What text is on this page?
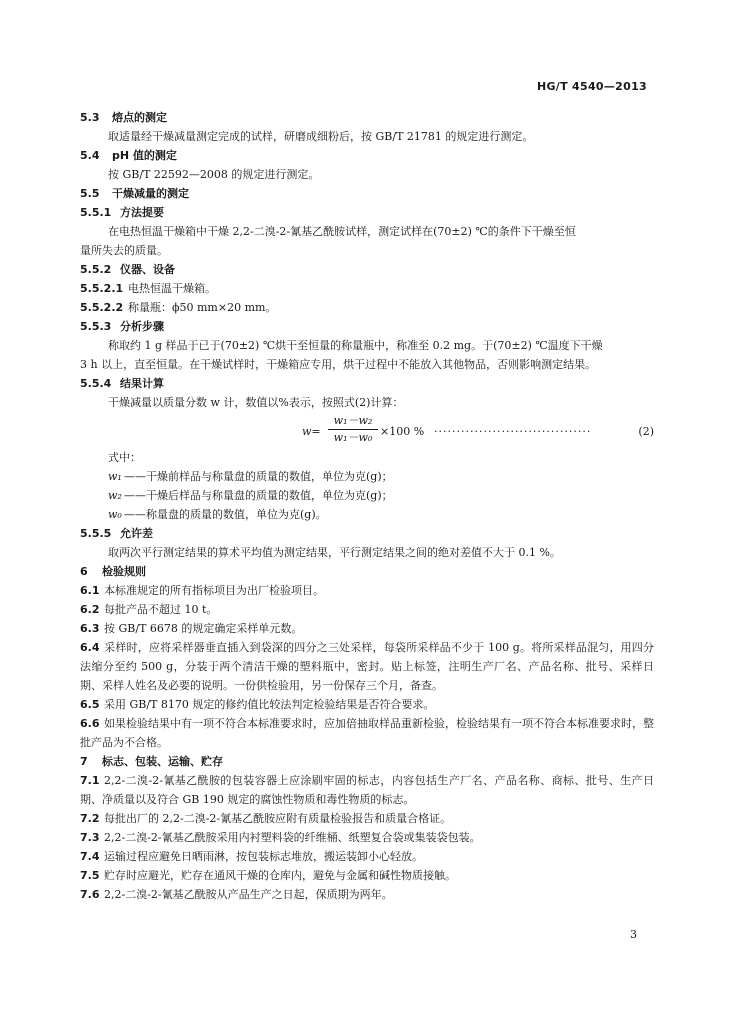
HG/T 4540—2013

5.3 熔点的测定

取适量经干燥减量测定完成的试样，研磨成细粉后，按 GB/T 21781 的规定进行测定。

5.4 pH 值的测定

按 GB/T 22592—2008 的规定进行测定。

5.5 干燥减量的测定

5.5.1 方法提要

在电热恒温干燥箱中干燥 2,2-二溴-2-氰基乙酰胺试样，测定试样在(70±2) ℃的条件下干燥至恒

量所失去的质量。

5.5.2 仪器、设备

5.5.2.1 电热恒温干燥箱。

5.5.2.2 称量瓶：ϕ50 mm×20 mm。

5.5.3 分析步骤

称取约 1 g 样品于已于(70±2) ℃烘干至恒量的称量瓶中，称准至 0.2 mg。于(70±2) ℃温度下干燥

3 h 以上，直至恒量。在干燥试样时，干燥箱应专用，烘干过程中不能放入其他物品，否则影响测定结果。

5.5.4 结果计算

干燥减量以质量分数 w 计，数值以%表示，按照式(2)计算：

w=
w₁－w₂
w₁－w₀ ×100 % ···································	(2)

式中：

w₁ ——干燥前样品与称量盘的质量的数值，单位为克(g)；

w₂ ——干燥后样品与称量盘的质量的数值，单位为克(g)；

w₀ ——称量盘的质量的数值，单位为克(g)。

5.5.5 允许差

取两次平行测定结果的算术平均值为测定结果，平行测定结果之间的绝对差值不大于 0.1 %。

6 检验规则

6.1 本标准规定的所有指标项目为出厂检验项目。

6.2 每批产品不超过 10 t。

6.3 按 GB/T 6678 的规定确定采样单元数。

6.4 采样时，应将采样器垂直插入到袋深的四分之三处采样，每袋所采样品不少于 100 g。将所采样品混匀，用四分法缩分至约 500 g，分装于两个清洁干燥的塑料瓶中，密封。贴上标签，注明生产厂名、产品名称、批号、采样日期、采样人姓名及必要的说明。一份供检验用，另一份保存三个月，备查。

6.5 采用 GB/T 8170 规定的修约值比较法判定检验结果是否符合要求。

6.6 如果检验结果中有一项不符合本标准要求时，应加倍抽取样品重新检验，检验结果有一项不符合本标准要求时，整批产品为不合格。

7 标志、包装、运输、贮存

7.1 2,2-二溴-2-氰基乙酰胺的包装容器上应涂刷牢固的标志，内容包括生产厂名、产品名称、商标、批号、生产日期、净质量以及符合 GB 190 规定的腐蚀性物质和毒性物质的标志。

7.2 每批出厂的 2,2-二溴-2-氰基乙酰胺应附有质量检验报告和质量合格证。

7.3 2,2-二溴-2-氰基乙酰胺采用内衬塑料袋的纤维桶、纸塑复合袋或集装袋包装。

7.4 运输过程应避免日晒雨淋，按包装标志堆放，搬运装卸小心轻放。

7.5 贮存时应避光，贮存在通风干燥的仓库内，避免与金属和碱性物质接触。

7.6 2,2-二溴-2-氰基乙酰胺从产品生产之日起，保质期为两年。

3
